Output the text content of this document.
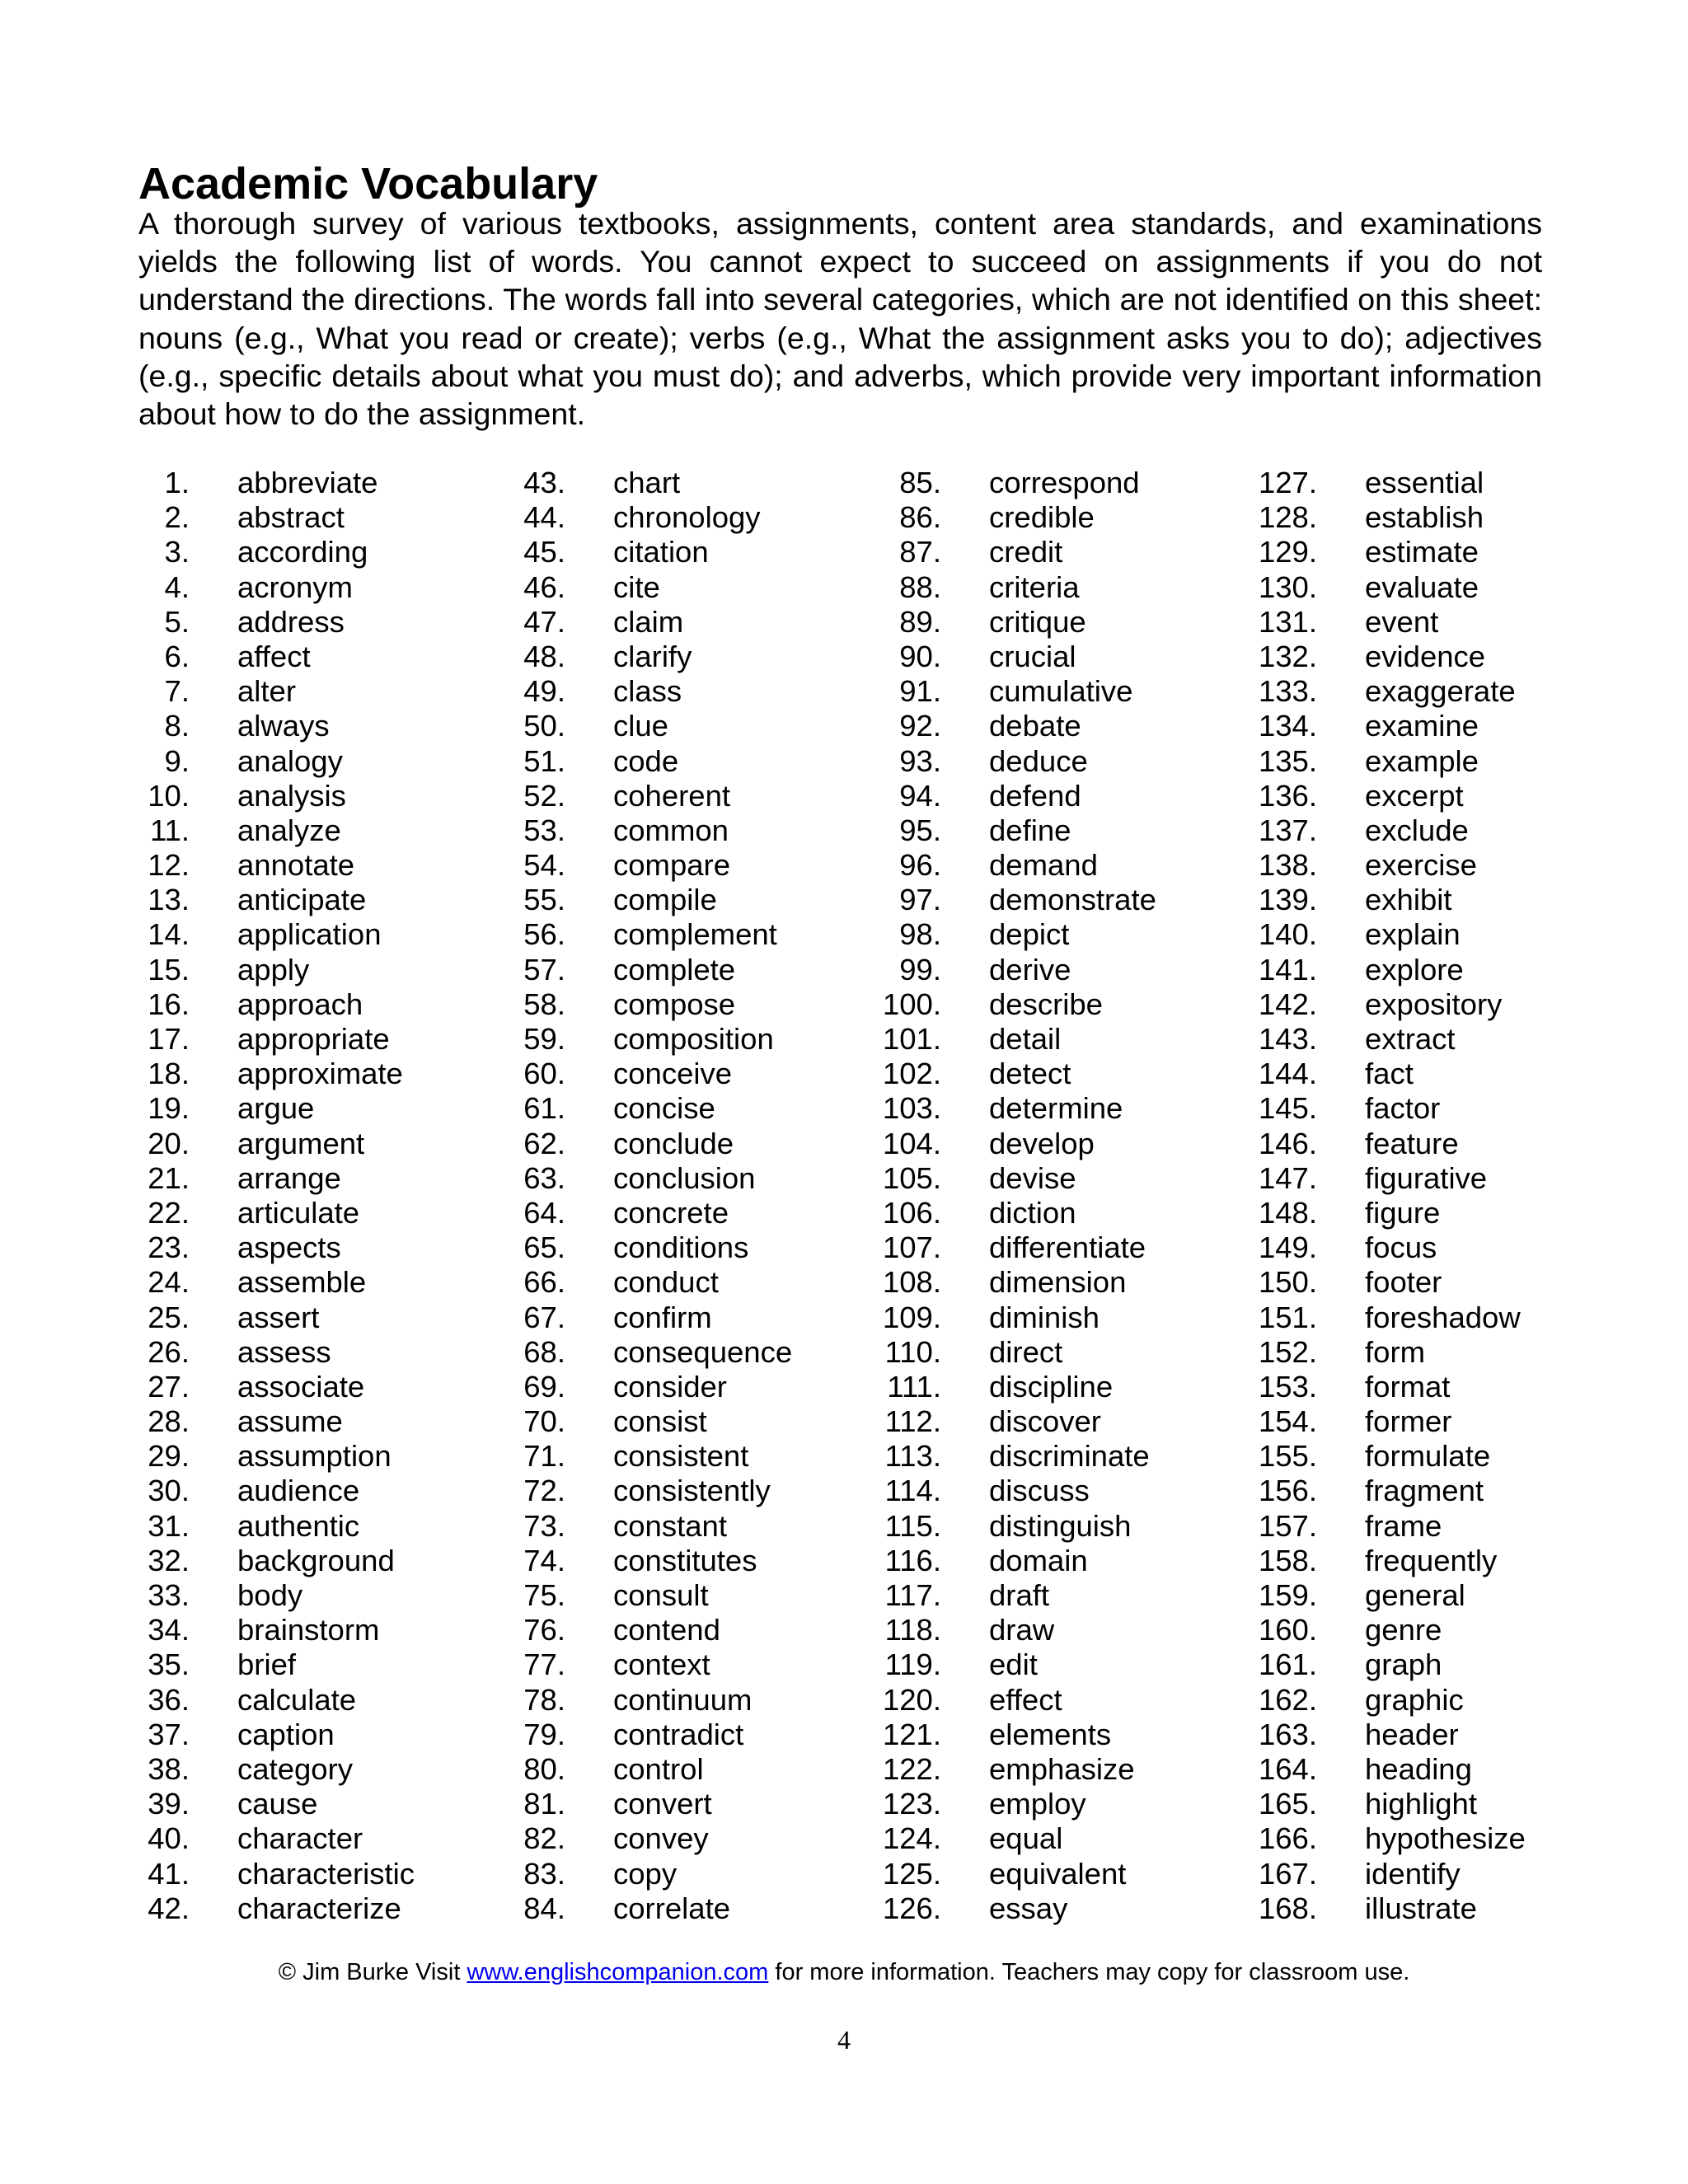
Academic Vocabulary

A thorough survey of various textbooks, assignments, content area standards, and examinations yields the following list of words. You cannot expect to succeed on assignments if you do not understand the directions. The words fall into several categories, which are not identified on this sheet: nouns (e.g., What you read or create); verbs (e.g., What the assignment asks you to do); adjectives (e.g., specific details about what you must do); and adverbs, which provide very important information about how to do the assignment.

1. abbreviate
2. abstract
3. according
4. acronym
5. address
6. affect
7. alter
8. always
9. analogy
10. analysis
11. analyze
12. annotate
13. anticipate
14. application
15. apply
16. approach
17. appropriate
18. approximate
19. argue
20. argument
21. arrange
22. articulate
23. aspects
24. assemble
25. assert
26. assess
27. associate
28. assume
29. assumption
30. audience
31. authentic
32. background
33. body
34. brainstorm
35. brief
36. calculate
37. caption
38. category
39. cause
40. character
41. characteristic
42. characterize
43. chart
44. chronology
45. citation
46. cite
47. claim
48. clarify
49. class
50. clue
51. code
52. coherent
53. common
54. compare
55. compile
56. complement
57. complete
58. compose
59. composition
60. conceive
61. concise
62. conclude
63. conclusion
64. concrete
65. conditions
66. conduct
67. confirm
68. consequence
69. consider
70. consist
71. consistent
72. consistently
73. constant
74. constitutes
75. consult
76. contend
77. context
78. continuum
79. contradict
80. control
81. convert
82. convey
83. copy
84. correlate
85. correspond
86. credible
87. credit
88. criteria
89. critique
90. crucial
91. cumulative
92. debate
93. deduce
94. defend
95. define
96. demand
97. demonstrate
98. depict
99. derive
100. describe
101. detail
102. detect
103. determine
104. develop
105. devise
106. diction
107. differentiate
108. dimension
109. diminish
110. direct
111. discipline
112. discover
113. discriminate
114. discuss
115. distinguish
116. domain
117. draft
118. draw
119. edit
120. effect
121. elements
122. emphasize
123. employ
124. equal
125. equivalent
126. essay
127. essential
128. establish
129. estimate
130. evaluate
131. event
132. evidence
133. exaggerate
134. examine
135. example
136. excerpt
137. exclude
138. exercise
139. exhibit
140. explain
141. explore
142. expository
143. extract
144. fact
145. factor
146. feature
147. figurative
148. figure
149. focus
150. footer
151. foreshadow
152. form
153. format
154. former
155. formulate
156. fragment
157. frame
158. frequently
159. general
160. genre
161. graph
162. graphic
163. header
164. heading
165. highlight
166. hypothesize
167. identify
168. illustrate
© Jim Burke Visit www.englishcompanion.com for more information. Teachers may copy for classroom use.
4
